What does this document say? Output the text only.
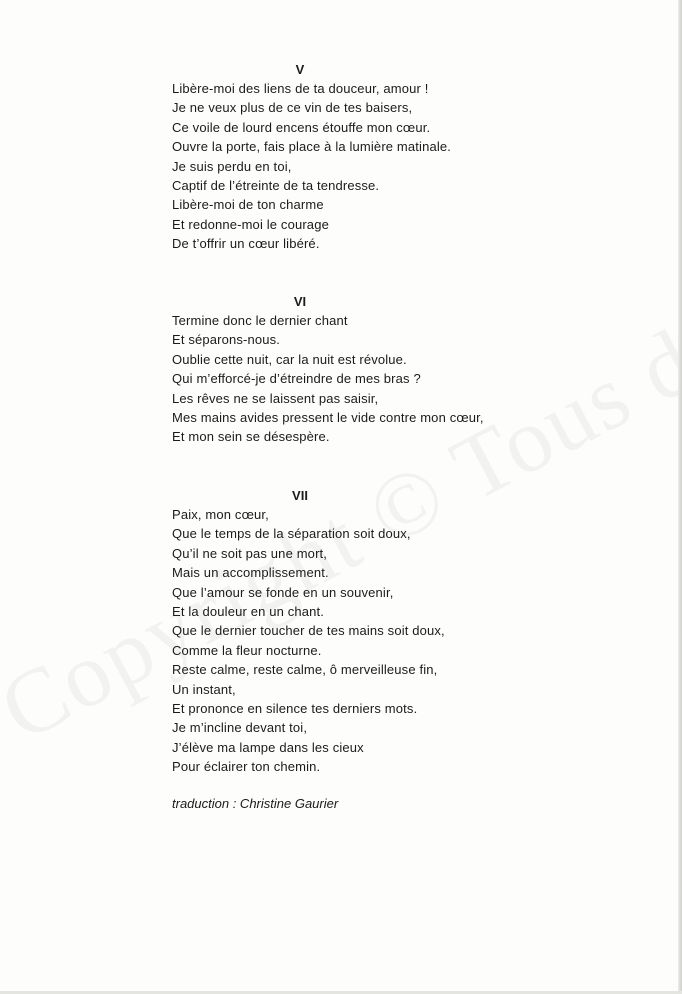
V
Libère-moi des liens de ta douceur, amour !
Je ne veux plus de ce vin de tes baisers,
Ce voile de lourd encens étouffe mon cœur.
Ouvre la porte, fais place à la lumière matinale.
Je suis perdu en toi,
Captif de l’étreinte de ta tendresse.
Libère-moi de ton charme
Et redonne-moi le courage
De t’offrir un cœur libéré.
VI
Termine donc le dernier chant
Et séparons-nous.
Oublie cette nuit, car la nuit est révolue.
Qui m’efforcé-je d’étreindre de mes bras ?
Les rêves ne se laissent pas saisir,
Mes mains avides pressent le vide contre mon cœur,
Et mon sein se désespère.
VII
Paix, mon cœur,
Que le temps de la séparation soit doux,
Qu’il ne soit pas une mort,
Mais un accomplissement.
Que l’amour se fonde en un souvenir,
Et la douleur en un chant.
Que le dernier toucher de tes mains soit doux,
Comme la fleur nocturne.
Reste calme, reste calme, ô merveilleuse fin,
Un instant,
Et prononce en silence tes derniers mots.
Je m’incline devant toi,
J’élève ma lampe dans les cieux
Pour éclairer ton chemin.
traduction : Christine Gaurier
